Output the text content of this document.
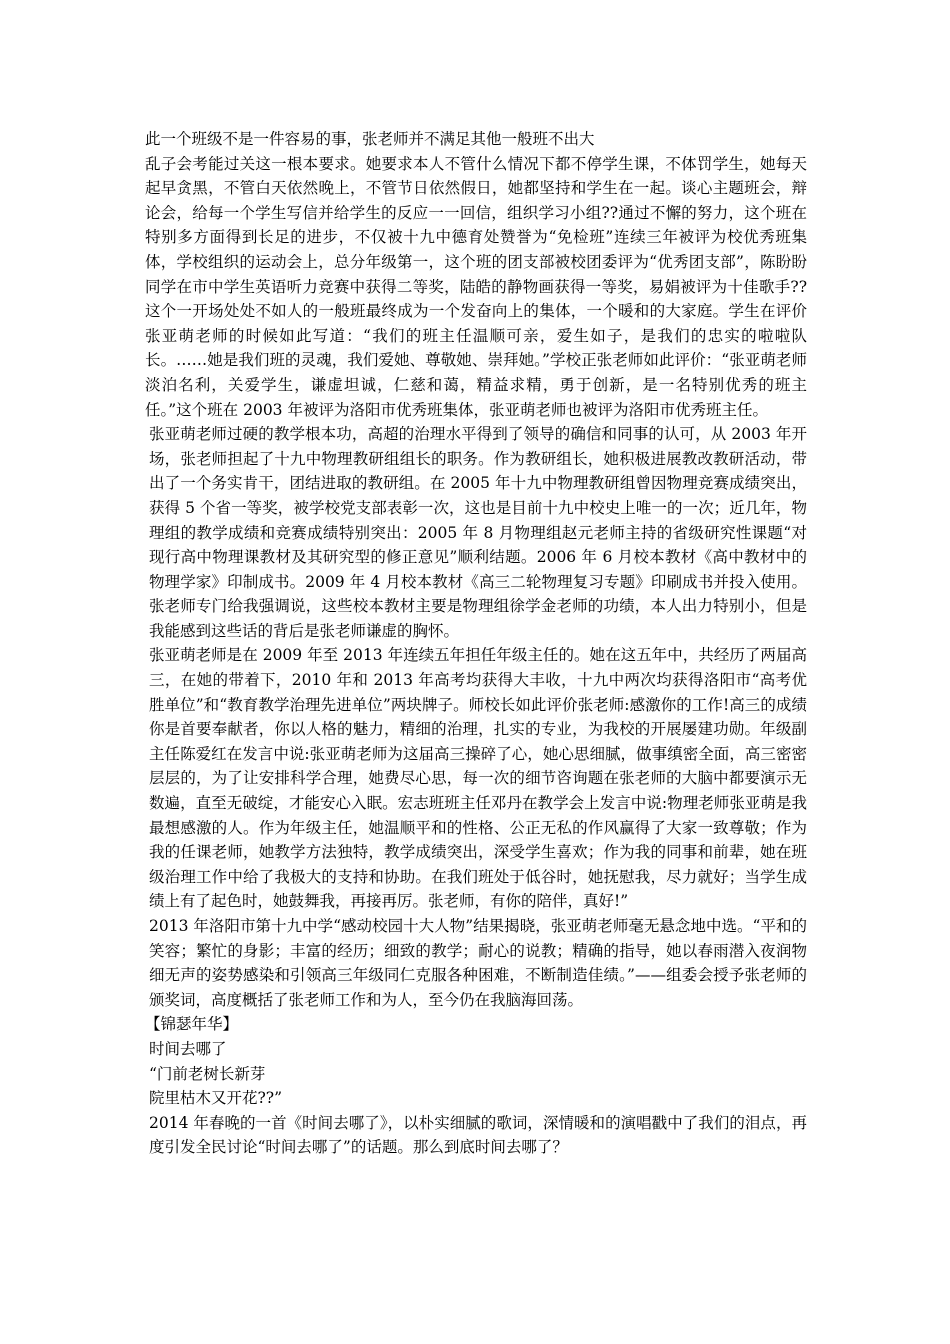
此一个班级不是一件容易的事，张老师并不满足其他一般班不出大

乱子会考能过关这一根本要求。她要求本人不管什么情况下都不停学生课，不体罚学生，她每天起早贪黑，不管白天依然晚上，不管节日依然假日，她都坚持和学生在一起。谈心主题班会，辩论会，给每一个学生写信并给学生的反应一一回信，组织学习小组??通过不懈的努力，这个班在特别多方面得到长足的进步，不仅被十九中德育处赞誉为“免检班”连续三年被评为校优秀班集体，学校组织的运动会上，总分年级第一，这个班的团支部被校团委评为“优秀团支部”，陈盼盼同学在市中学生英语听力竞赛中获得二等奖，陆皓的静物画获得一等奖，易娟被评为十佳歌手??这个一开场处处不如人的一般班最终成为一个发奋向上的集体，一个暖和的大家庭。学生在评价张亚萌老师的时候如此写道：“我们的班主任温顺可亲，爱生如子，是我们的忠实的啦啦队长。……她是我们班的灵魂，我们爱她、尊敬她、崇拜她。”学校正张老师如此评价：“张亚萌老师淡泊名利，关爱学生，谦虚坦诚，仁慈和蔼，精益求精，勇于创新，是一名特别优秀的班主任。”这个班在 2003 年被评为洛阳市优秀班集体，张亚萌老师也被评为洛阳市优秀班主任。

张亚萌老师过硬的教学根本功，高超的治理水平得到了领导的确信和同事的认可，从 2003 年开场，张老师担起了十九中物理教研组组长的职务。作为教研组长，她积极进展教改教研活动，带出了一个务实肯干，团结进取的教研组。在 2005 年十九中物理教研组曾因物理竞赛成绩突出，获得 5 个省一等奖，被学校党支部表彰一次，这也是目前十九中校史上唯一的一次；近几年，物理组的教学成绩和竞赛成绩特别突出：2005 年 8 月物理组赵元老师主持的省级研究性课题“对现行高中物理课教材及其研究型的修正意见”顺利结题。2006 年 6 月校本教材《高中教材中的物理学家》印制成书。2009 年 4 月校本教材《高三二轮物理复习专题》印刷成书并投入使用。张老师专门给我强调说，这些校本教材主要是物理组徐学金老师的功绩，本人出力特别小，但是我能感到这些话的背后是张老师谦虚的胸怀。

张亚萌老师是在 2009 年至 2013 年连续五年担任年级主任的。她在这五年中，共经历了两届高三，在她的带着下，2010 年和 2013 年高考均获得大丰收，十九中两次均获得洛阳市“高考优胜单位”和“教育教学治理先进单位”两块牌子。师校长如此评价张老师:感激你的工作!高三的成绩你是首要奉献者，你以人格的魅力，精细的治理，扎实的专业，为我校的开展屡建功勋。年级副主任陈爱红在发言中说:张亚萌老师为这届高三操碎了心，她心思细腻，做事缜密全面，高三密密层层的，为了让安排科学合理，她费尽心思，每一次的细节咨询题在张老师的大脑中都要演示无数遍，直至无破绽，才能安心入眠。宏志班班主任邓丹在教学会上发言中说:物理老师张亚萌是我最想感激的人。作为年级主任，她温顺平和的性格、公正无私的作风赢得了大家一致尊敬；作为我的任课老师，她教学方法独特，教学成绩突出，深受学生喜欢；作为我的同事和前辈，她在班级治理工作中给了我极大的支持和协助。在我们班处于低谷时，她抚慰我，尽力就好；当学生成绩上有了起色时，她鼓舞我，再接再厉。张老师，有你的陪伴，真好!”

2013 年洛阳市第十九中学“感动校园十大人物”结果揭晓，张亚萌老师毫无悬念地中选。“平和的笑容；繁忙的身影；丰富的经历；细致的教学；耐心的说教；精确的指导，她以春雨潜入夜润物细无声的姿势感染和引领高三年级同仁克服各种困难，不断制造佳绩。”——组委会授予张老师的颁奖词，高度概括了张老师工作和为人，至今仍在我脑海回荡。

【锦瑟年华】

时间去哪了

“门前老树长新芽

院里枯木又开花??”

2014 年春晚的一首《时间去哪了》，以朴实细腻的歌词，深情暖和的演唱戳中了我们的泪点，再度引发全民讨论“时间去哪了”的话题。那么到底时间去哪了？
